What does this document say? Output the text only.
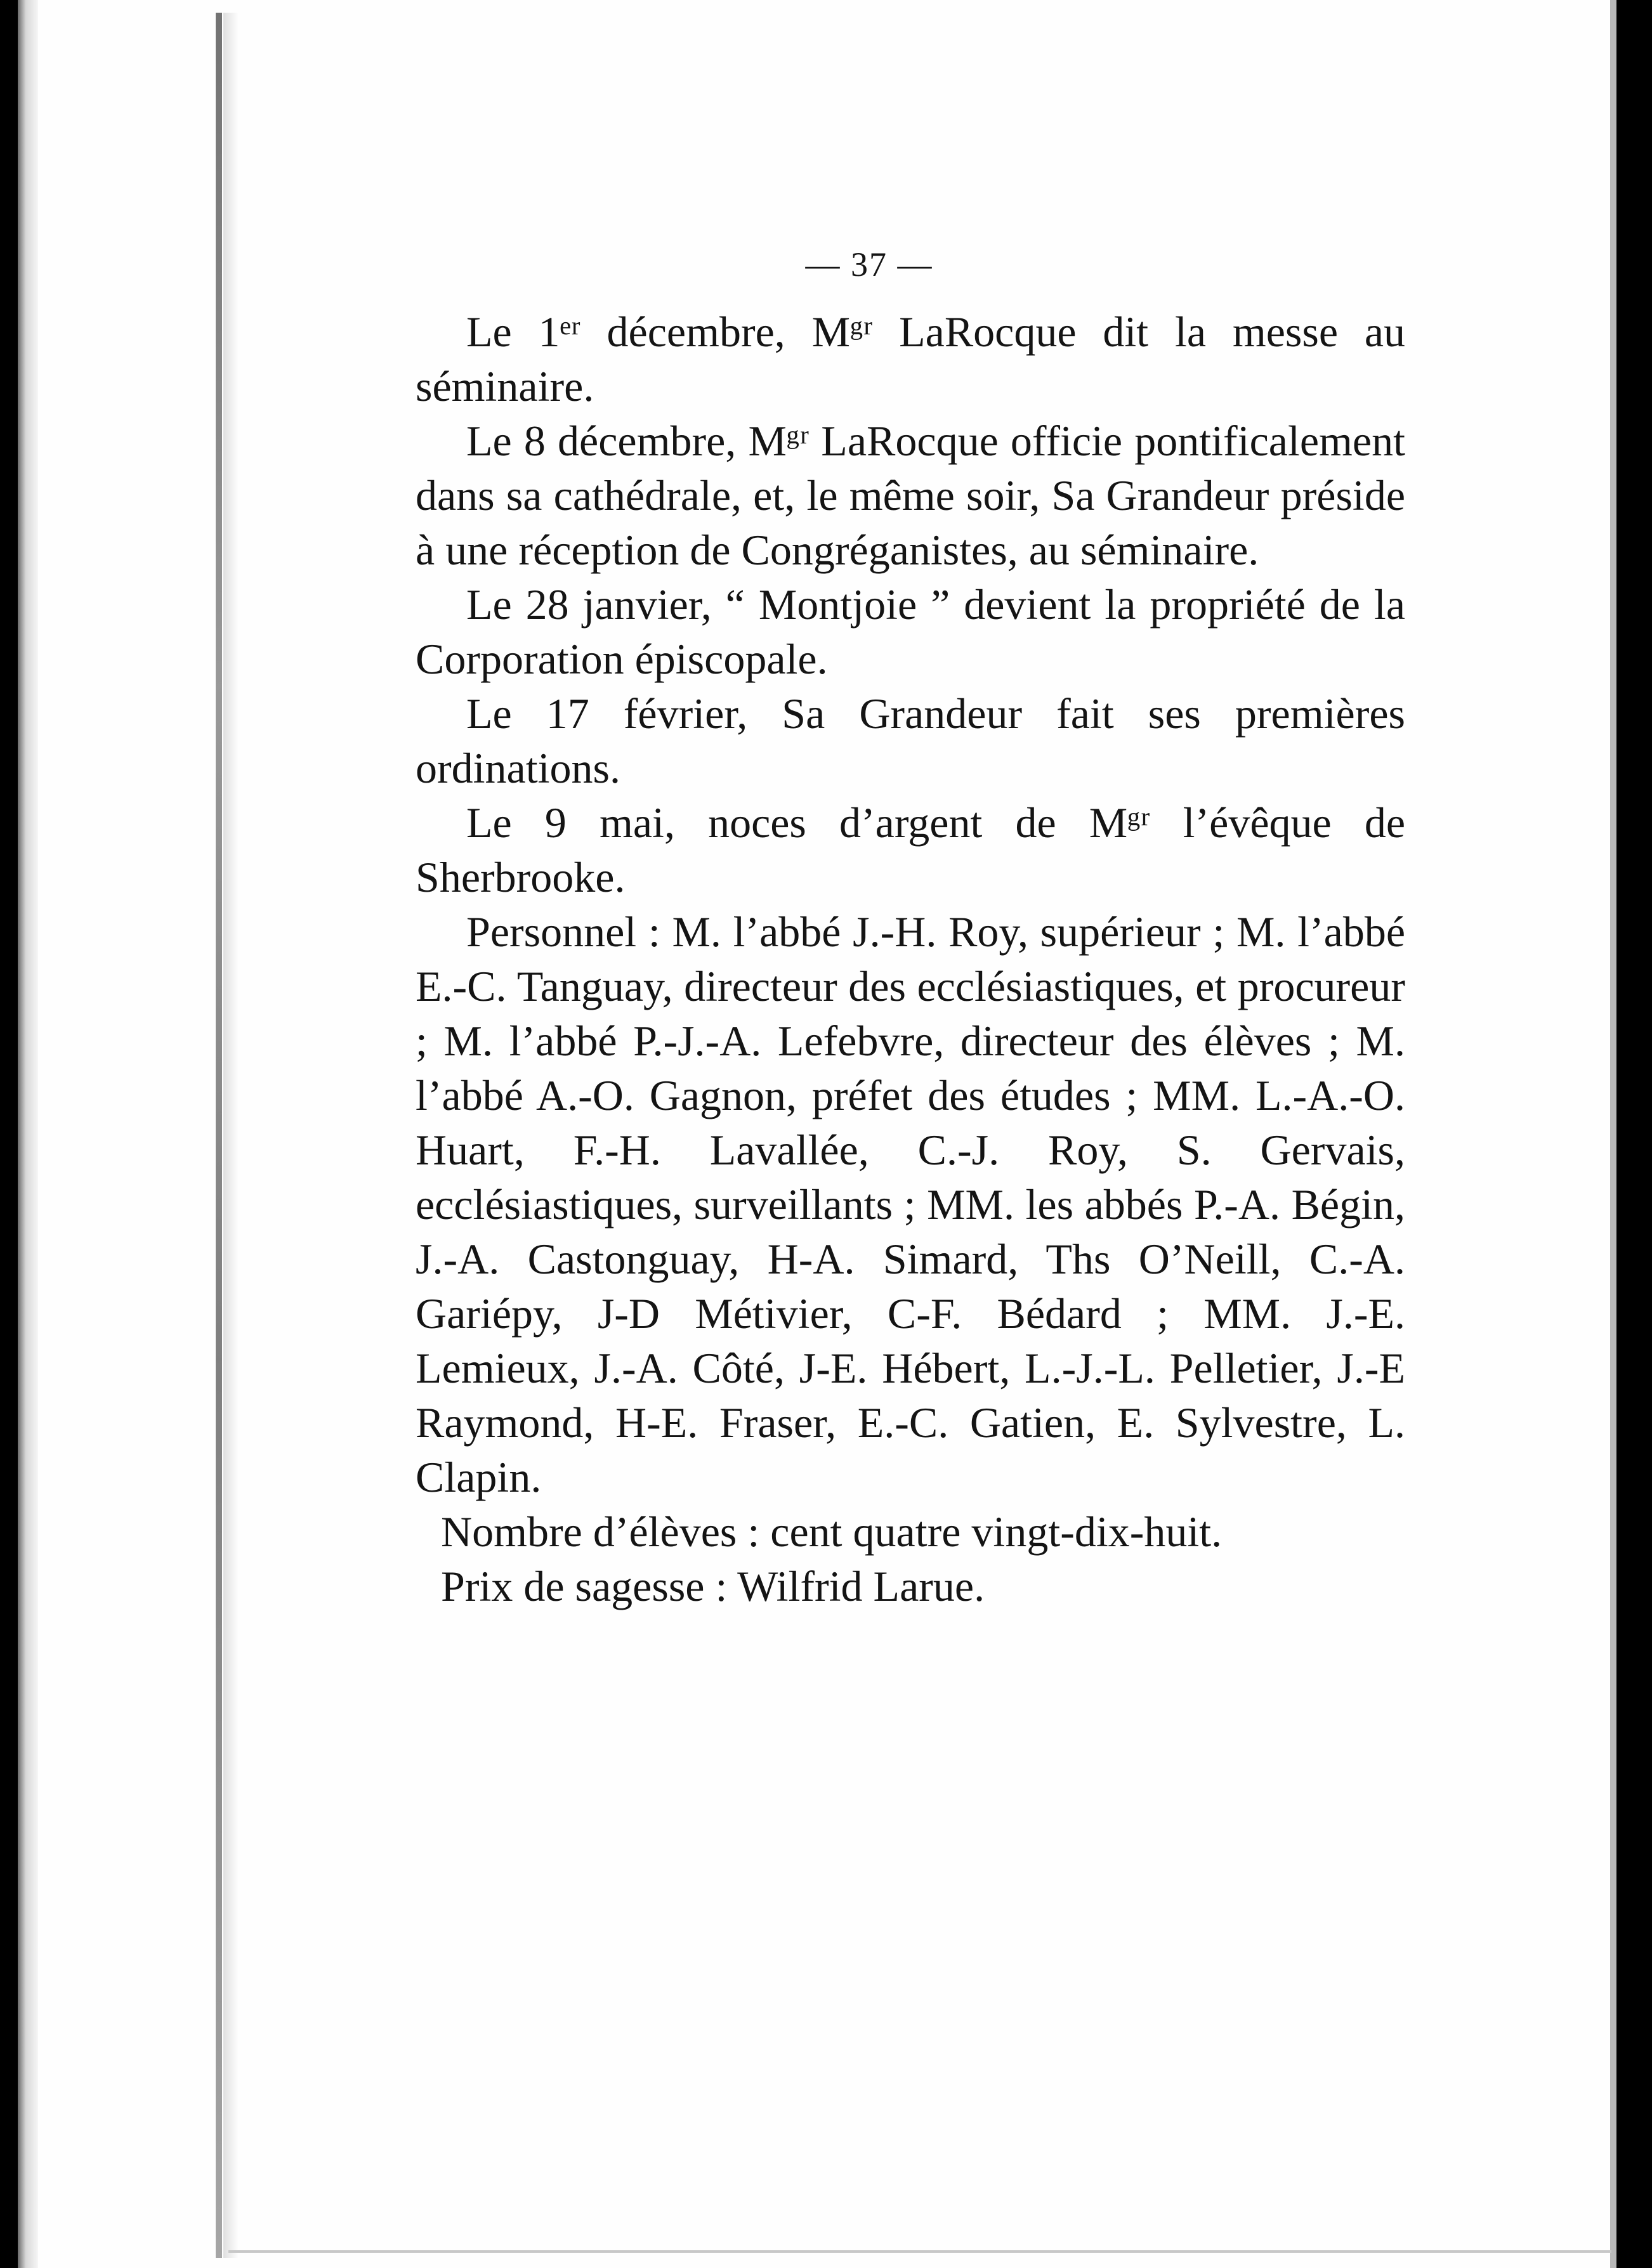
— 37 —

Le 1ᵉʳ décembre, Mᵍʳ LaRocque dit la messe au séminaire.

Le 8 décembre, Mᵍʳ LaRocque officie pontificalement dans sa cathédrale, et, le même soir, Sa Grandeur préside à une réception de Congréganistes, au séminaire.

Le 28 janvier, “ Montjoie ” devient la propriété de la Corporation épiscopale.

Le 17 février, Sa Grandeur fait ses premières ordinations.

Le 9 mai, noces d’argent de Mᵍʳ l’évêque de Sherbrooke.

Personnel : M. l’abbé J.-H. Roy, supérieur ; M. l’abbé E.-C. Tanguay, directeur des ecclésiastiques, et procureur ; M. l’abbé P.-J.-A. Lefebvre, directeur des élèves ; M. l’abbé A.-O. Gagnon, préfet des études ; MM. L.-A.-O. Huart, F.-H. Lavallée, C.-J. Roy, S. Gervais, ecclésiastiques, surveillants ; MM. les abbés P.-A. Bégin, J.-A. Castonguay, H-A. Simard, Ths O’Neill, C.-A. Gariépy, J-D Métivier, C-F. Bédard ; MM. J.-E. Lemieux, J.-A. Côté, J-E. Hébert, L.-J.-L. Pelletier, J.-E Raymond, H-E. Fraser, E.-C. Gatien, E. Sylvestre, L. Clapin.

Nombre d’élèves : cent quatre vingt-dix-huit.

Prix de sagesse : Wilfrid Larue.
